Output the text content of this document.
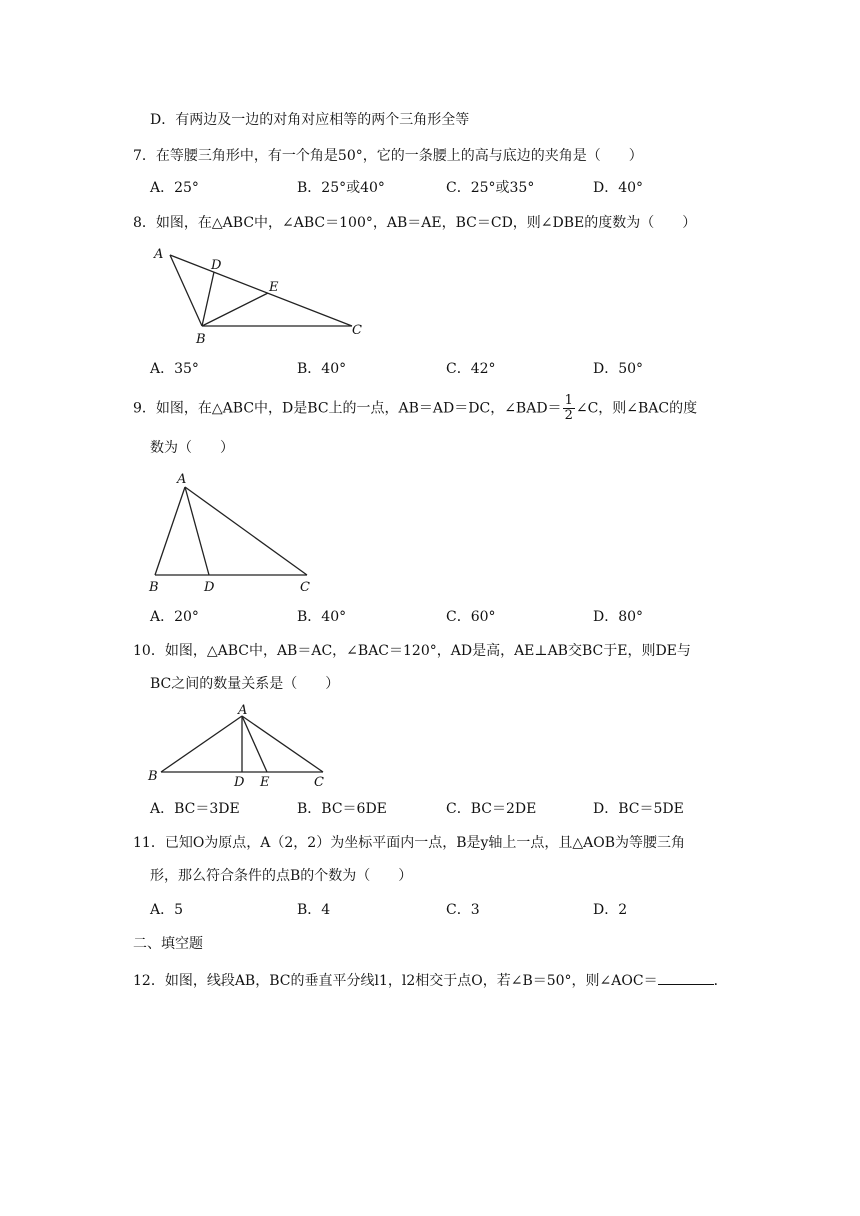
D．有两边及一边的对角对应相等的两个三角形全等
7．在等腰三角形中，有一个角是50°，它的一条腰上的高与底边的夹角是（　　）
A．25°	B．25°或40°	C．25°或35°	D．40°
8．如图，在△ABC中，∠ABC＝100°，AB＝AE，BC＝CD，则∠DBE的度数为（　　）
A
D
E
B
C
A．35°	B．40°	C．42°	D．50°
9．如图，在△ABC中，D是BC上的一点，AB＝AD＝DC，∠BAD＝ $\frac{1}{2}$ ∠C，则∠BAC的度
数为（　　）
A
B	D	C
A．20°	B．40°	C．60°	D．80°
10．如图，△ABC中，AB＝AC，∠BAC＝120°，AD是高，AE⊥AB交BC于E，则DE与
BC之间的数量关系是（　　）
A
B	D E	C
A．BC＝3DE	B．BC＝6DE	C．BC＝2DE	D．BC＝5DE
11．已知O为原点，A（2，2）为坐标平面内一点，B是y轴上一点，且△AOB为等腰三角
形，那么符合条件的点B的个数为（　　）
A．5	B．4	C．3	D．2
二、填空题
12．如图，线段AB，BC的垂直平分线l1，l2相交于点O，若∠B＝50°，则∠AOC＝	．
